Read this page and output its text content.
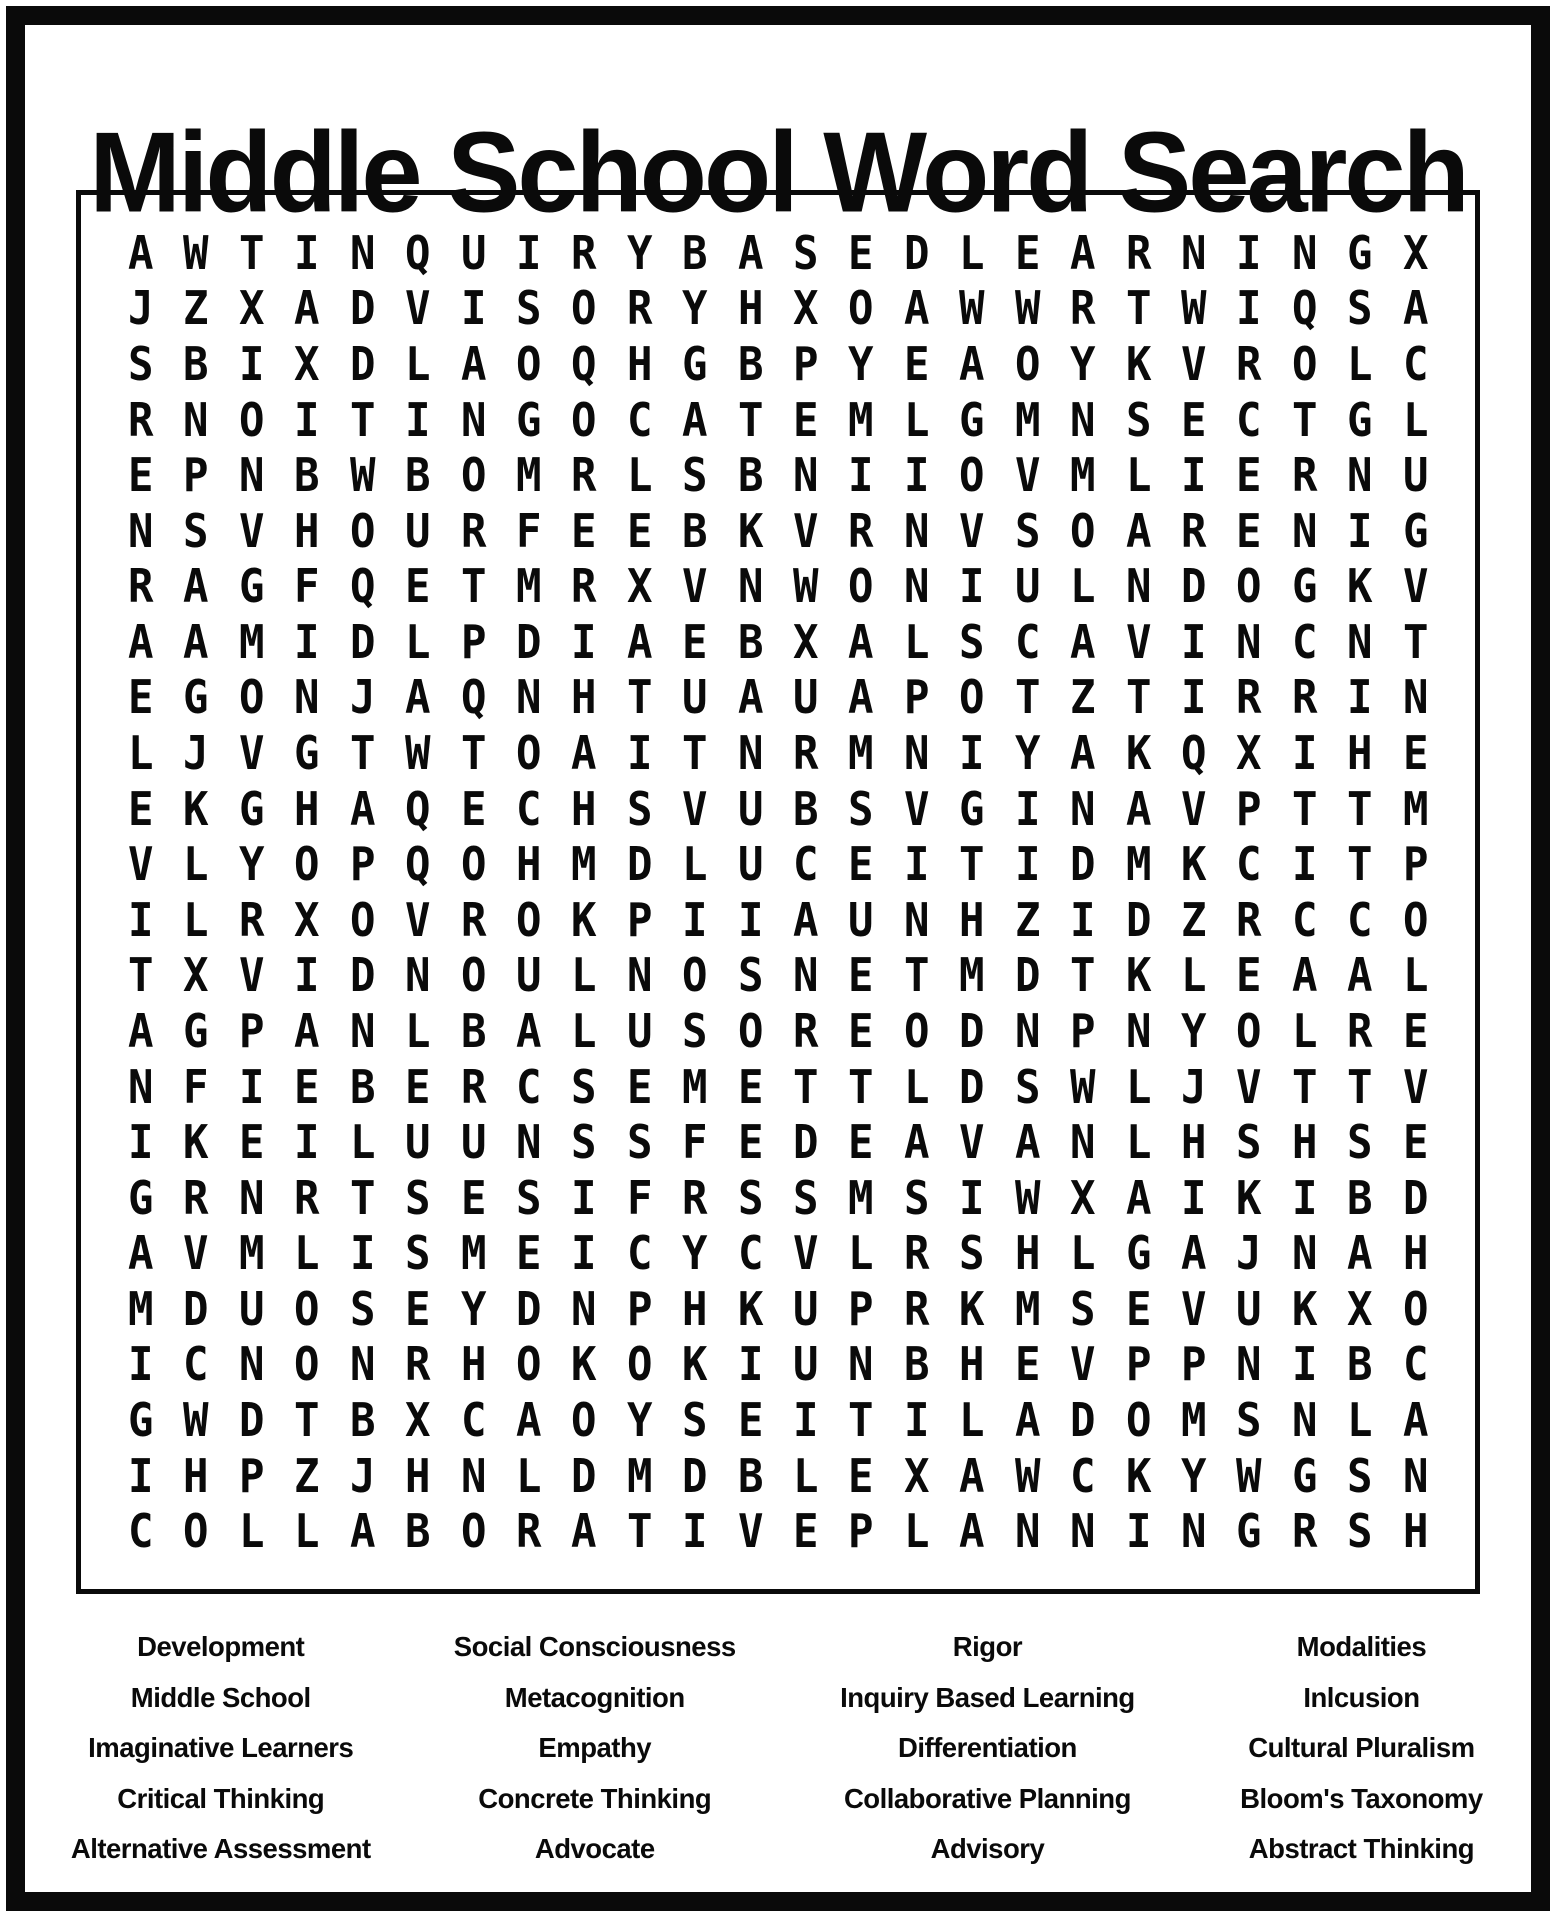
Middle School Word Search
A W T I N Q U I R Y B A S E D L E A R N I N G X
J Z X A D V I S O R Y H X O A W W R T W I Q S A
S B I X D L A O Q H G B P Y E A O Y K V R O L C
R N O I T I N G O C A T E M L G M N S E C T G L
E P N B W B O M R L S B N I I O V M L I E R N U
N S V H O U R F E E B K V R N V S O A R E N I G
R A G F Q E T M R X V N W O N I U L N D O G K V
A A M I D L P D I A E B X A L S C A V I N C N T
E G O N J A Q N H T U A U A P O T Z T I R R I N
L J V G T W T O A I T N R M N I Y A K Q X I H E
E K G H A Q E C H S V U B S V G I N A V P T T M
V L Y O P Q O H M D L U C E I T I D M K C I T P
I L R X O V R O K P I I A U N H Z I D Z R C C O
T X V I D N O U L N O S N E T M D T K L E A A L
A G P A N L B A L U S O R E O D N P N Y O L R E
N F I E B E R C S E M E T T L D S W L J V T T V
I K E I L U U N S S F E D E A V A N L H S H S E
G R N R T S E S I F R S S M S I W X A I K I B D
A V M L I S M E I C Y C V L R S H L G A J N A H
M D U O S E Y D N P H K U P R K M S E V U K X O
I C N O N R H O K O K I U N B H E V P P N I B C
G W D T B X C A O Y S E I T I L A D O M S N L A
I H P Z J H N L D M D B L E X A W C K Y W G S N
C O L L A B O R A T I V E P L A N N I N G R S H
Development
Middle School
Imaginative Learners
Critical Thinking
Alternative Assessment
Social Consciousness
Metacognition
Empathy
Concrete Thinking
Advocate
Rigor
Inquiry Based Learning
Differentiation
Collaborative Planning
Advisory
Modalities
Inlcusion
Cultural Pluralism
Bloom's Taxonomy
Abstract Thinking
